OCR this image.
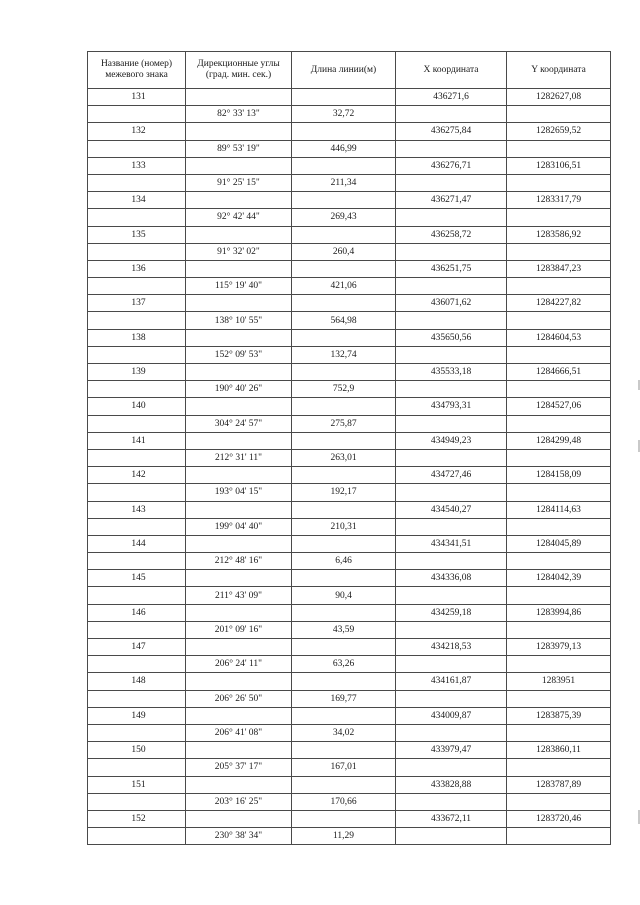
Название (номер) межевого знака	Дирекционные углы (град. мин. сек.)	Длина линии(м)	X координата	Y координата
131			436271,6	1282627,08
	82° 33' 13"	32,72		
132			436275,84	1282659,52
	89° 53' 19"	446,99		
133			436276,71	1283106,51
	91° 25' 15"	211,34		
134			436271,47	1283317,79
	92° 42' 44"	269,43		
135			436258,72	1283586,92
	91° 32' 02"	260,4		
136			436251,75	1283847,23
	115° 19' 40"	421,06		
137			436071,62	1284227,82
	138° 10' 55"	564,98		
138			435650,56	1284604,53
	152° 09' 53"	132,74		
139			435533,18	1284666,51
	190° 40' 26"	752,9		
140			434793,31	1284527,06
	304° 24' 57"	275,87		
141			434949,23	1284299,48
	212° 31' 11"	263,01		
142			434727,46	1284158,09
	193° 04' 15"	192,17		
143			434540,27	1284114,63
	199° 04' 40"	210,31		
144			434341,51	1284045,89
	212° 48' 16"	6,46		
145			434336,08	1284042,39
	211° 43' 09"	90,4		
146			434259,18	1283994,86
	201° 09' 16"	43,59		
147			434218,53	1283979,13
	206° 24' 11"	63,26		
148			434161,87	1283951
	206° 26' 50"	169,77		
149			434009,87	1283875,39
	206° 41' 08"	34,02		
150			433979,47	1283860,11
	205° 37' 17"	167,01		
151			433828,88	1283787,89
	203° 16' 25"	170,66		
152			433672,11	1283720,46
	230° 38' 34"	11,29		
